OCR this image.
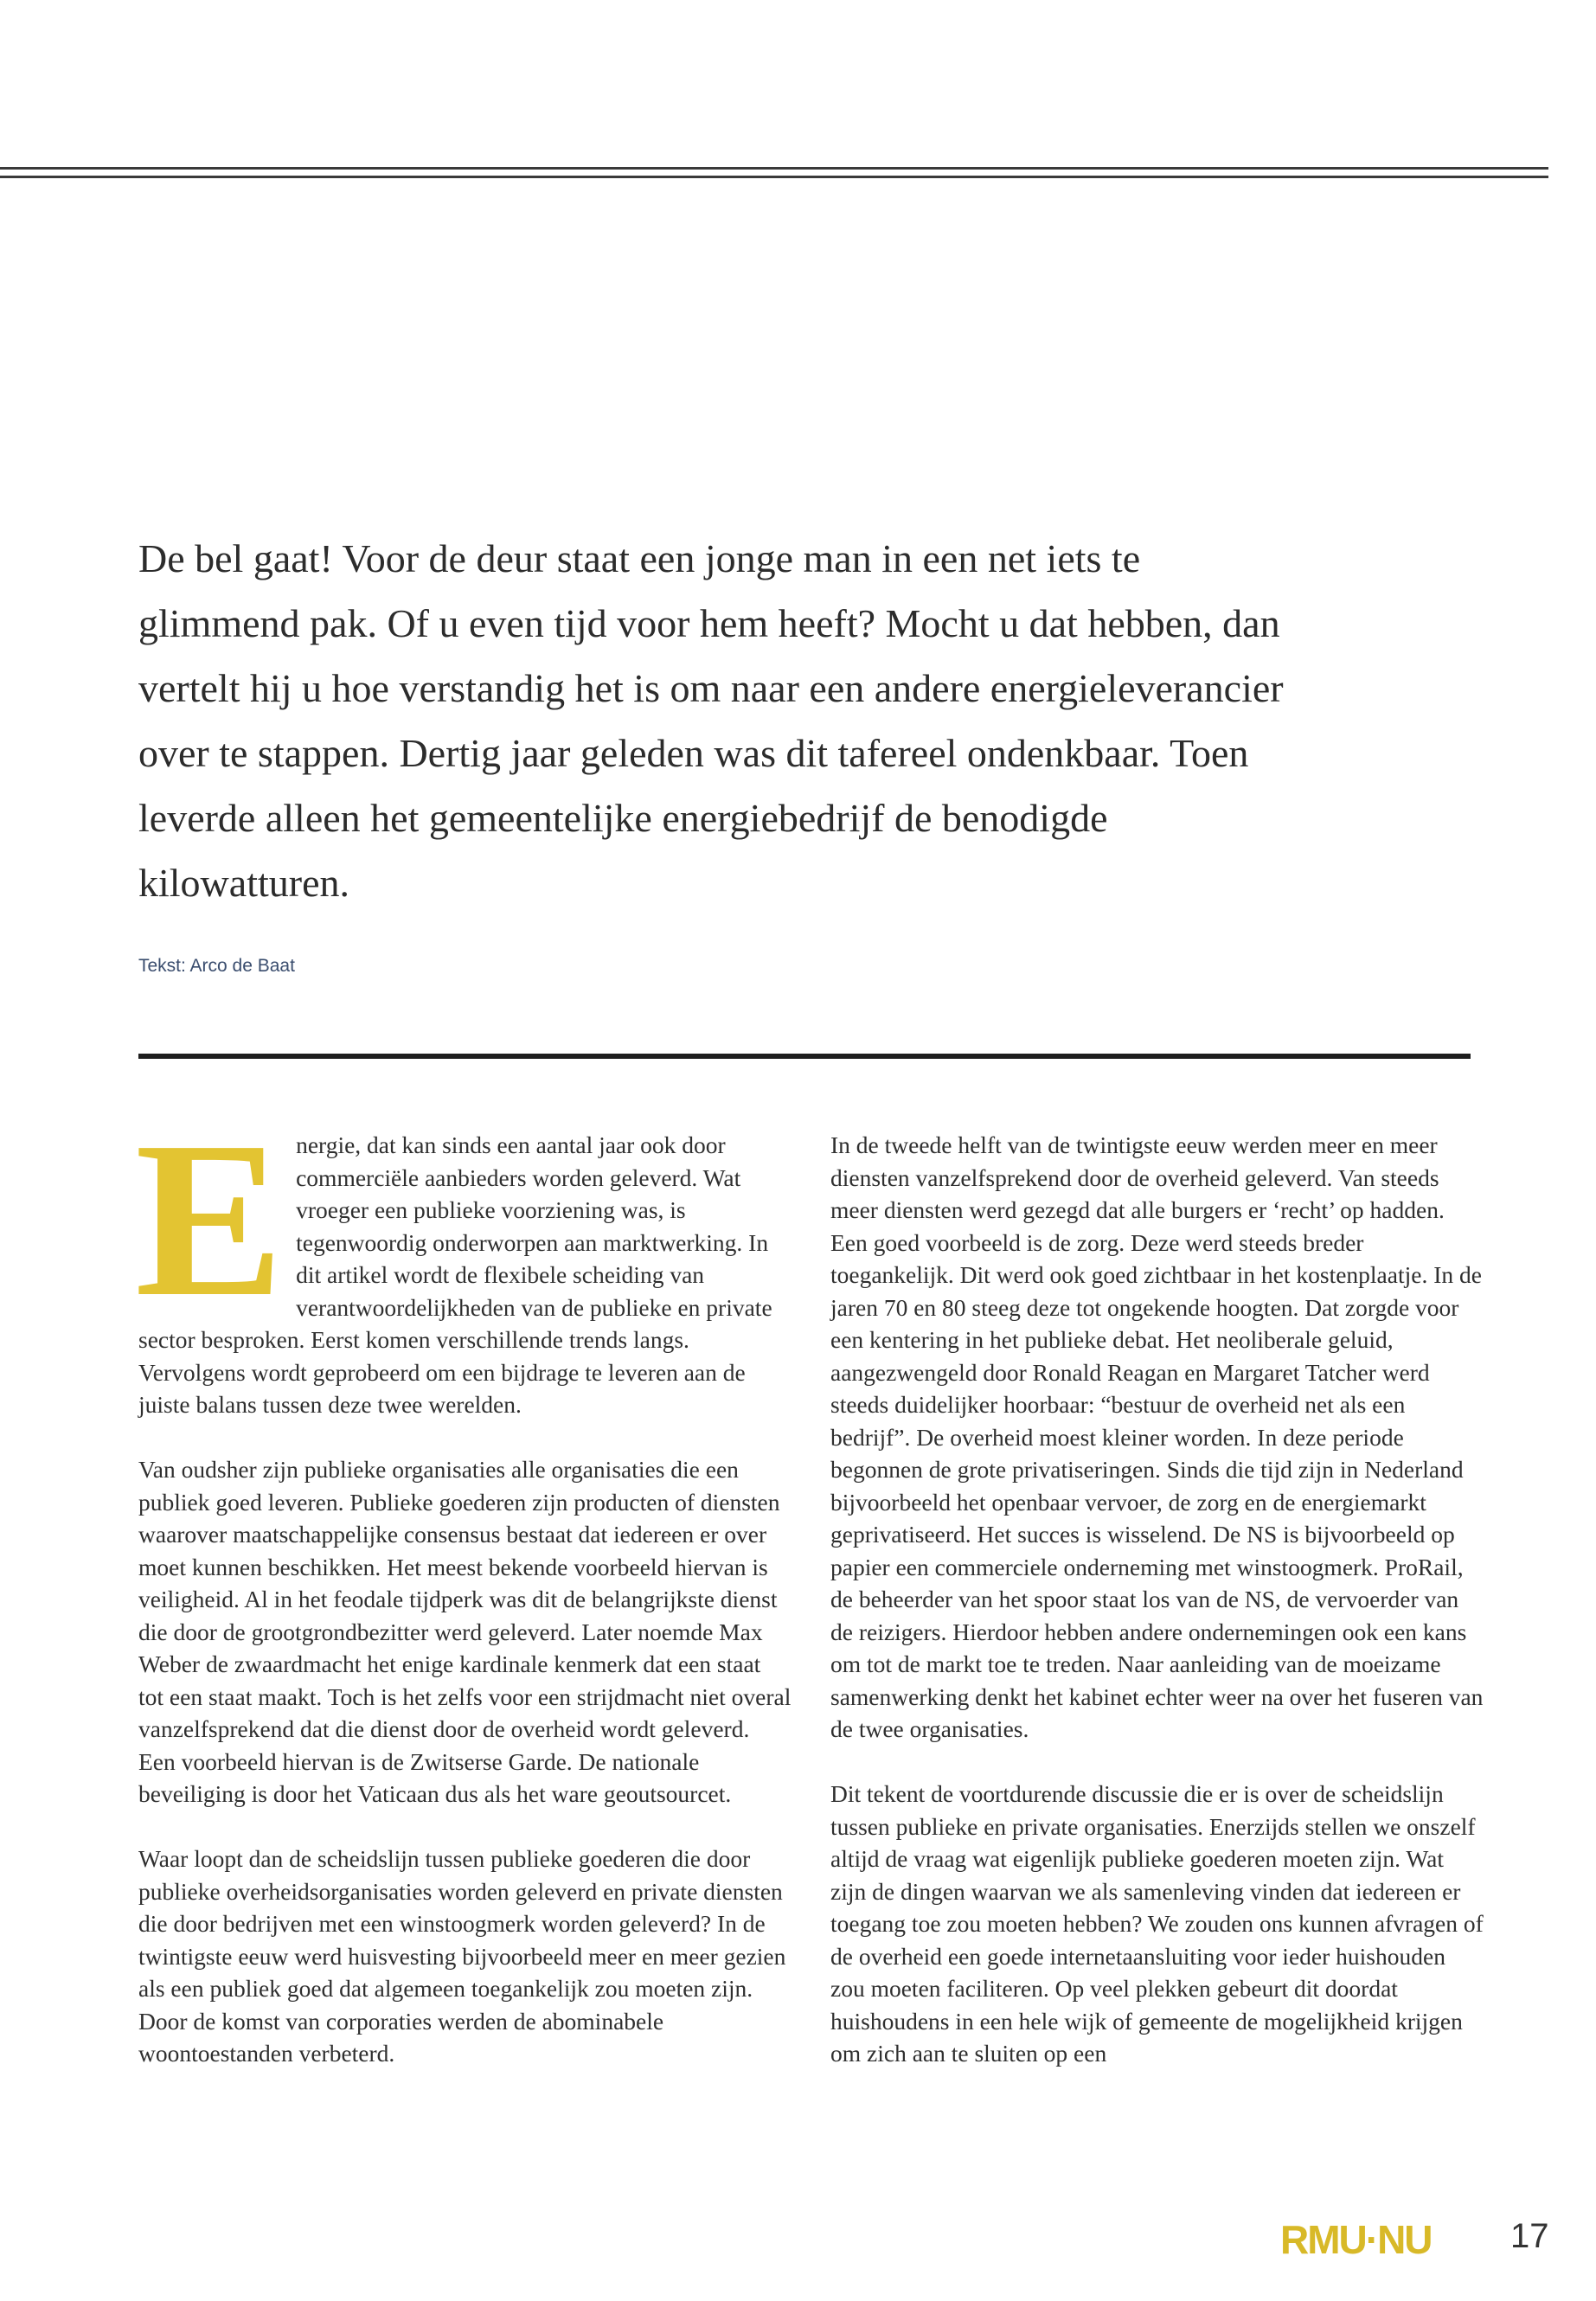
De bel gaat! Voor de deur staat een jonge man in een net iets te glimmend pak. Of u even tijd voor hem heeft? Mocht u dat hebben, dan vertelt hij u hoe verstandig het is om naar een andere energieleverancier over te stappen. Dertig jaar geleden was dit tafereel ondenkbaar. Toen leverde alleen het gemeentelijke energiebedrijf de benodigde kilowatturen.

Tekst: Arco de Baat

Energie, dat kan sinds een aantal jaar ook door commerciële aanbieders worden geleverd. Wat vroeger een publieke voorziening was, is tegenwoordig onderworpen aan marktwerking. In dit artikel wordt de flexibele scheiding van verantwoordelijkheden van de publieke en private sector besproken. Eerst komen verschillende trends langs. Vervolgens wordt geprobeerd om een bijdrage te leveren aan de juiste balans tussen deze twee werelden.

Van oudsher zijn publieke organisaties alle organisaties die een publiek goed leveren. Publieke goederen zijn producten of diensten waarover maatschappelijke consensus bestaat dat iedereen er over moet kunnen beschikken. Het meest bekende voorbeeld hiervan is veiligheid. Al in het feodale tijdperk was dit de belangrijkste dienst die door de grootgrondbezitter werd geleverd. Later noemde Max Weber de zwaardmacht het enige kardinale kenmerk dat een staat tot een staat maakt. Toch is het zelfs voor een strijdmacht niet overal vanzelfsprekend dat die dienst door de overheid wordt geleverd. Een voorbeeld hiervan is de Zwitserse Garde. De nationale beveiliging is door het Vaticaan dus als het ware geoutsourcet.

Waar loopt dan de scheidslijn tussen publieke goederen die door publieke overheidsorganisaties worden geleverd en private diensten die door bedrijven met een winstoogmerk worden geleverd? In de twintigste eeuw werd huisvesting bijvoorbeeld meer en meer gezien als een publiek goed dat algemeen toegankelijk zou moeten zijn. Door de komst van corporaties werden de abominabele woontoestanden verbeterd.

In de tweede helft van de twintigste eeuw werden meer en meer diensten vanzelfsprekend door de overheid geleverd. Van steeds meer diensten werd gezegd dat alle burgers er ‘recht’ op hadden. Een goed voorbeeld is de zorg. Deze werd steeds breder toegankelijk. Dit werd ook goed zichtbaar in het kostenplaatje. In de jaren 70 en 80 steeg deze tot ongekende hoogten. Dat zorgde voor een kentering in het publieke debat. Het neoliberale geluid, aangezwengeld door Ronald Reagan en Margaret Tatcher werd steeds duidelijker hoorbaar: “bestuur de overheid net als een bedrijf”. De overheid moest kleiner worden. In deze periode begonnen de grote privatiseringen. Sinds die tijd zijn in Nederland bijvoorbeeld het openbaar vervoer, de zorg en de energiemarkt geprivatiseerd. Het succes is wisselend. De NS is bijvoorbeeld op papier een commerciele onderneming met winstoogmerk. ProRail, de beheerder van het spoor staat los van de NS, de vervoerder van de reizigers. Hierdoor hebben andere ondernemingen ook een kans om tot de markt toe te treden. Naar aanleiding van de moeizame samenwerking denkt het kabinet echter weer na over het fuseren van de twee organisaties.

Dit tekent de voortdurende discussie die er is over de scheidslijn tussen publieke en private organisaties. Enerzijds stellen we onszelf altijd de vraag wat eigenlijk publieke goederen moeten zijn. Wat zijn de dingen waarvan we als samenleving vinden dat iedereen er toegang toe zou moeten hebben? We zouden ons kunnen afvragen of de overheid een goede internetaansluiting voor ieder huishouden zou moeten faciliteren. Op veel plekken gebeurt dit doordat huishoudens in een hele wijk of gemeente de mogelijkheid krijgen om zich aan te sluiten op een

RMU·NU 17
